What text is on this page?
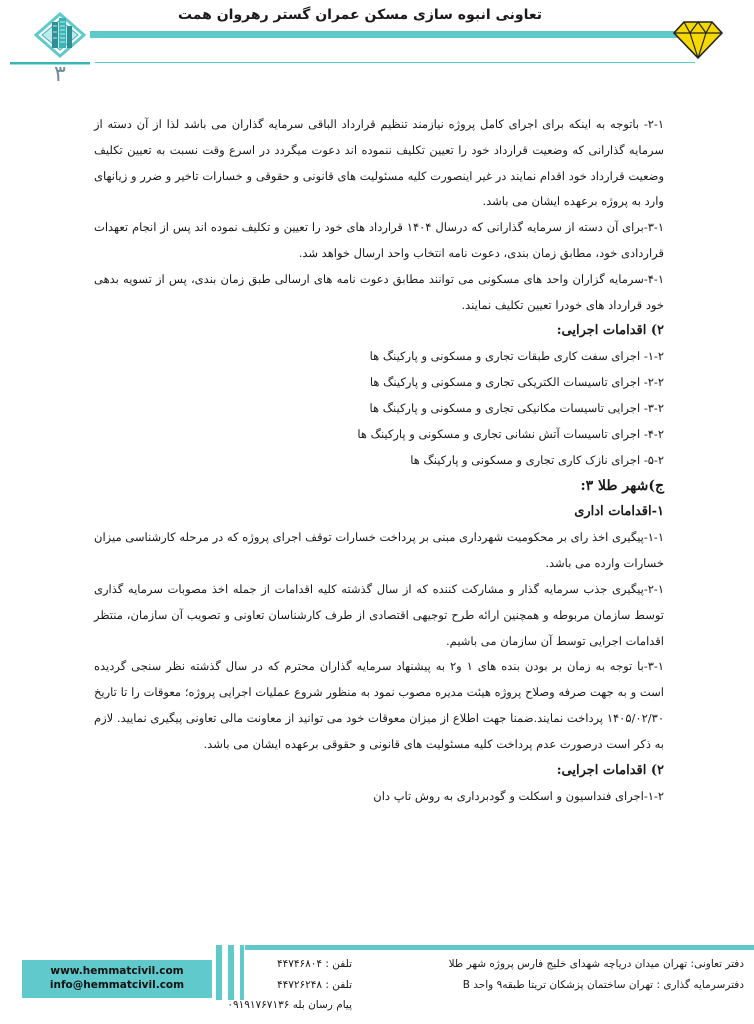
تعاونی انبوه سازی مسکن عمران گستر رهروان همت
۳

۲-۱- باتوجه به اینکه برای اجرای کامل پروژه نیازمند تنظیم قرارداد الباقی سرمایه گذاران می باشد لذا از آن دسته از سرمایه گذارانی که وضعیت قرارداد خود را تعیین تکلیف ننموده اند دعوت میگردد در اسرع وقت نسبت به تعیین تکلیف وضعیت قرارداد خود اقدام نمایند در غیر اینصورت کلیه مسئولیت های قانونی و حقوقی و خسارات تاخیر و ضرر و زیانهای وارد به پروژه برعهده ایشان می باشد.

۳-۱-برای آن دسته از سرمایه گذارانی که درسال ۱۴۰۴ قرارداد های خود را تعیین و تکلیف نموده اند پس از انجام تعهدات قراردادی خود، مطابق زمان بندی، دعوت نامه انتخاب واحد ارسال خواهد شد.

۴-۱-سرمایه گزاران واحد های مسکونی می توانند مطابق دعوت نامه های ارسالی طبق زمان بندی، پس از تسویه بدهی خود قرارداد های خودرا تعیین تکلیف نمایند.

۲) اقدامات اجرایی:

۱-۲- اجرای سفت کاری طبقات تجاری و مسکونی و پارکینگ ها

۲-۲- اجرای تاسیسات الکتریکی تجاری و مسکونی و پارکینگ ها

۳-۲- اجرایی تاسیسات مکانیکی تجاری و مسکونی و پارکینگ ها

۴-۲- اجرای تاسیسات آتش نشانی تجاری و مسکونی و پارکینگ ها

۵-۲- اجرای نازک کاری تجاری و مسکونی و پارکینگ ها

ج)شهر طلا ۳:
۱-اقدامات اداری

۱-۱-پیگیری اخذ رای بر محکومیت شهرداری مبنی بر پرداخت خسارات توقف اجرای پروژه که در مرحله کارشناسی میزان خسارات وارده می باشد.

۲-۱-پیگیری جذب سرمایه گذار و مشارکت کننده که از سال گذشته کلیه اقدامات از جمله اخذ مصوبات سرمایه گذاری توسط سازمان مربوطه و همچنین ارائه طرح توجیهی اقتصادی از طرف کارشناسان تعاونی و تصویب آن سازمان، منتظر اقدامات اجرایی توسط آن سازمان می باشیم.

۳-۱-با توجه به زمان بر بودن بنده های ۱ و۲ به پیشنهاد سرمایه گذاران محترم که در سال گذشته نظر سنجی گردیده است و به جهت صرفه وصلاح پروژه هیئت مدیره مصوب نمود به منظور شروع عملیات اجرایی پروژه؛ معوقات را تا تاریخ ۱۴۰۵/۰۲/۳۰ پرداخت نمایند.ضمنا جهت اطلاع از میزان معوقات خود می توانید از معاونت مالی تعاونی پیگیری نمایید. لازم به ذکر است درصورت عدم پرداخت کلیه مسئولیت های قانونی و حقوقی برعهده ایشان می باشد.

۲) اقدامات اجرایی:

۱-۲-اجرای فنداسیون و اسکلت و گودبرداری به روش تاپ دان

www.hemmatcivil.com
info@hemmatcivil.com
دفتر تعاونی: تهران میدان دریاچه شهدای خلیج فارس پروژه شهر طلا
دفترسرمایه گذاری : تهران ساختمان پزشکان تریتا طبقه۹ واحد B
تلفن : ۴۴۷۴۶۸۰۴
تلفن : ۴۴۷۲۶۲۴۸
پیام رسان بله ۰۹۱۹۱۷۶۷۱۳۶
